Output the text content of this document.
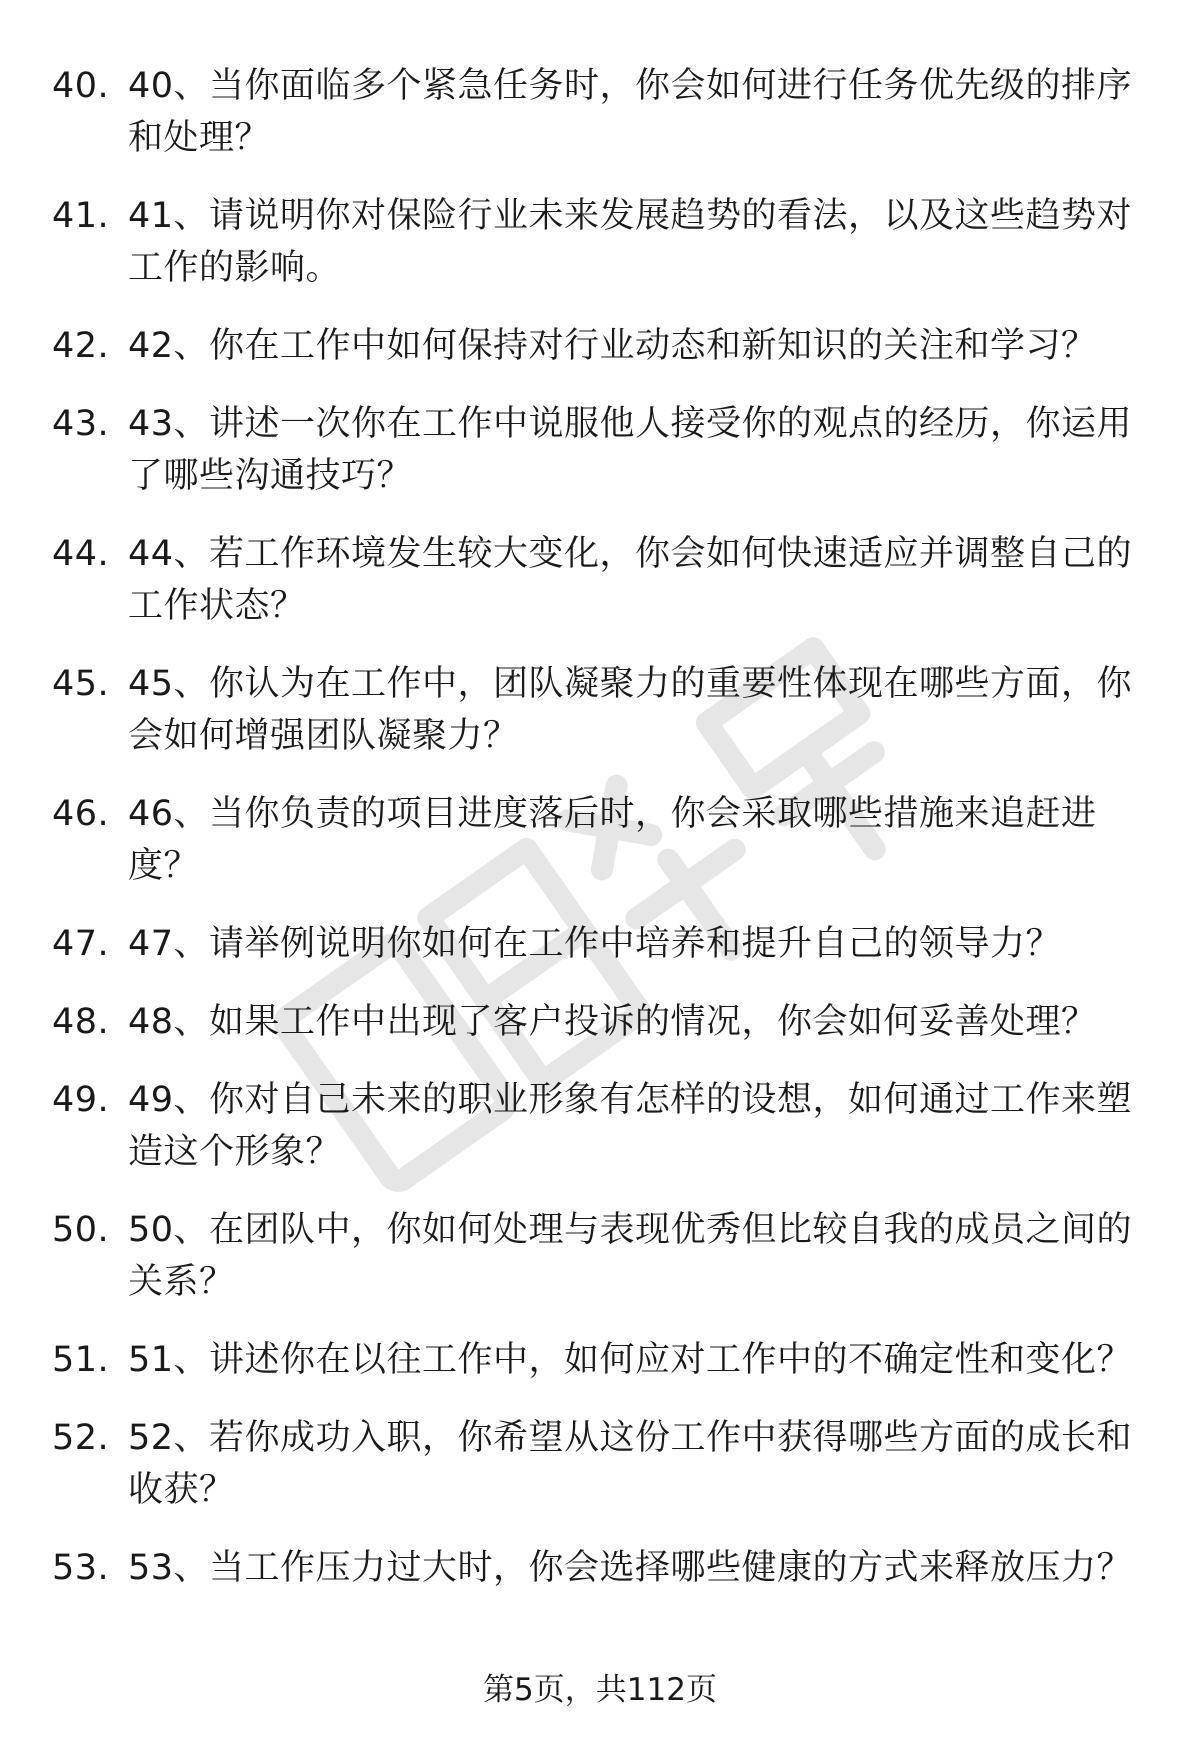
40. 40、当你面临多个紧急任务时，你会如何进行任务优先级的排序和处理？
41. 41、请说明你对保险行业未来发展趋势的看法，以及这些趋势对工作的影响。
42. 42、你在工作中如何保持对行业动态和新知识的关注和学习？
43. 43、讲述一次你在工作中说服他人接受你的观点的经历，你运用了哪些沟通技巧？
44. 44、若工作环境发生较大变化，你会如何快速适应并调整自己的工作状态？
45. 45、你认为在工作中，团队凝聚力的重要性体现在哪些方面，你会如何增强团队凝聚力？
46. 46、当你负责的项目进度落后时，你会采取哪些措施来追赶进度？
47. 47、请举例说明你如何在工作中培养和提升自己的领导力？
48. 48、如果工作中出现了客户投诉的情况，你会如何妥善处理？
49. 49、你对自己未来的职业形象有怎样的设想，如何通过工作来塑造这个形象？
50. 50、在团队中，你如何处理与表现优秀但比较自我的成员之间的关系？
51. 51、讲述你在以往工作中，如何应对工作中的不确定性和变化？
52. 52、若你成功入职，你希望从这份工作中获得哪些方面的成长和收获？
53. 53、当工作压力过大时，你会选择哪些健康的方式来释放压力？
第5页，共112页
